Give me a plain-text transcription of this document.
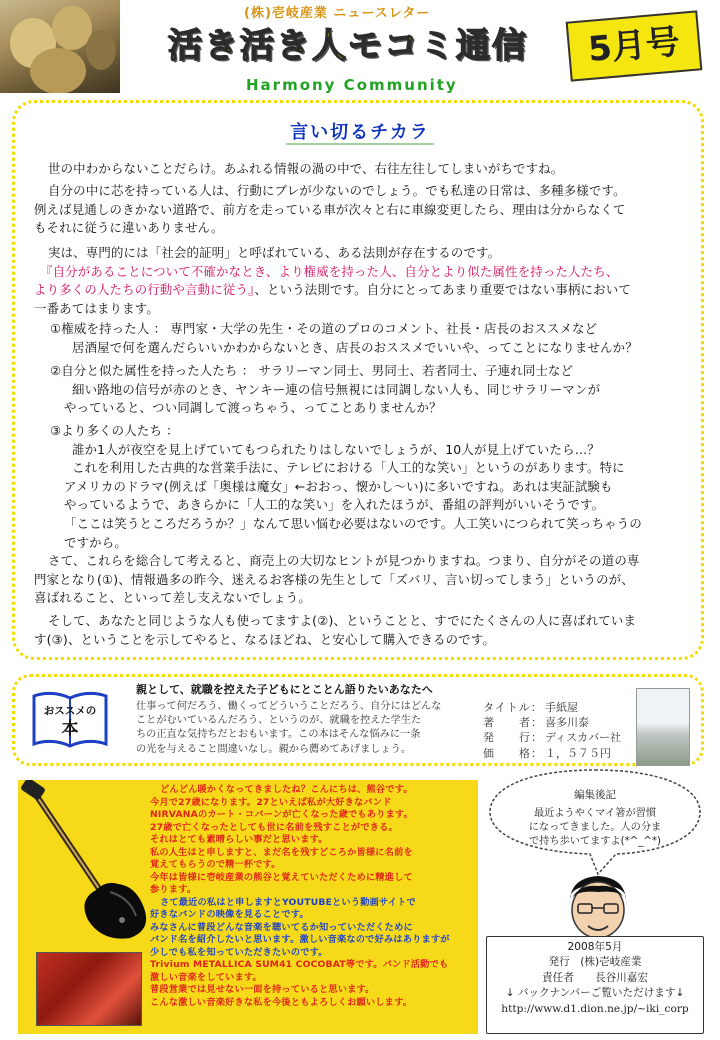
(株)壱岐産業 ニュースレター
活き活き人モコミ通信
Harmony Community
5月号
言い切るチカラ
世の中わからないことだらけ。あふれる情報の渦の中で、右往左往してしまいがちですね。
自分の中に芯を持っている人は、行動にブレが少ないのでしょう。でも私達の日常は、多種多様です。
例えば見通しのきかない道路で、前方を走っている車が次々と右に車線変更したら、理由は分からなくて
もそれに従うに違いありません。
実は、専門的には「社会的証明」と呼ばれている、ある法則が存在するのです。
『自分があることについて不確かなとき、より権威を持った人、自分とより似た属性を持った人たち、
より多くの人たちの行動や言動に従う』、という法則です。自分にとってあまり重要ではない事柄において
一番あてはまります。
①権威を持った人 ： 専門家・大学の先生・その道のプロのコメント、社長・店長のおススメなど
居酒屋で何を選んだらいいかわからないとき、店長のおススメでいいや、ってことになりませんか？
②自分と似た属性を持った人たち ： サラリーマン同士、男同士、若者同士、子連れ同士など
細い路地の信号が赤のとき、ヤンキー連の信号無視には同調しない人も、同じサラリーマンが
やっていると、つい同調して渡っちゃう、ってことありませんか？
③より多くの人たち ：
誰か1人が夜空を見上げていてもつられたりはしないでしょうが、10人が見上げていたら…？
これを利用した古典的な営業手法に、テレビにおける「人工的な笑い」というのがあります。特に
アメリカのドラマ(例えば「奥様は魔女」←おおっ、懐かし～い)に多いですね。あれは実証試験も
やっているようで、あきらかに「人工的な笑い」を入れたほうが、番組の評判がいいそうです。
「ここは笑うところだろうか？」なんて思い悩む必要はないのです。人工笑いにつられて笑っちゃうの
ですから。
さて、これらを総合して考えると、商売上の大切なヒントが見つかりますね。つまり、自分がその道の専
門家となり(①)、情報過多の昨今、迷えるお客様の先生として「ズバリ、言い切ってしまう」というのが、
喜ばれること、といって差し支えないでしょう。
そして、あなたと同じような人も使ってますよ(②)、ということと、すでにたくさんの人に喜ばれていま
す(③)、ということを示してやると、なるほどね、と安心して購入できるのです。
おススメの
本
親として、就職を控えた子どもにとことん語りたいあなたへ
仕事って何だろう、働くってどういうことだろう、自分にはどんな
ことがむいているんだろう、というのが、就職を控えた学生た
ちの正直な気持ちだとおもいます。この本はそんな悩みに一条
の光を与えること間違いなし。親から薦めてあげましょう。
タイトル： 手紙屋
著　　者： 喜多川泰
発　　行： ディスカバー社
価　　格： １，５７５円
どんどん暖かくなってきましたね？こんにちは、熊谷です。
今月で27歳になります。27といえば私が大好きなバンド
NIRVANAのカート・コバーンが亡くなった歳でもあります。
27歳で亡くなったとしても世に名前を残すことができる。
それはとても素晴らしい事だと思います。
私の人生はと申しますと、まだ名を残すどころか皆様に名前を
覚えてもらうので精一杯です。
今年は皆様に壱岐産業の熊谷と覚えていただくために精進して
参ります。
さて最近の私はと申しますとYOUTUBEという動画サイトで
好きなバンドの映像を見ることです。
みなさんに普段どんな音楽を聴いてるか知っていただくために
バンド名を紹介したいと思います。激しい音楽なので好みはありますが
少しでも私を知っていただきたいのです。
Trivium METALLICA SUM41 COCOBAT等です。バンド活動でも
激しい音楽をしています。
普段営業では見せない一面を持っていると思います。
こんな激しい音楽好きな私を今後ともよろしくお願いします。
編集後記
最近ようやくマイ箸が習慣
になってきました。人の分ま
で持ち歩いてますよ(*^_^*)
2008年5月
発行　(株)壱岐産業
責任者　　長谷川嘉宏
↓ バックナンバーご覧いただけます↓
http://www.d1.dion.ne.jp/~iki_corp
